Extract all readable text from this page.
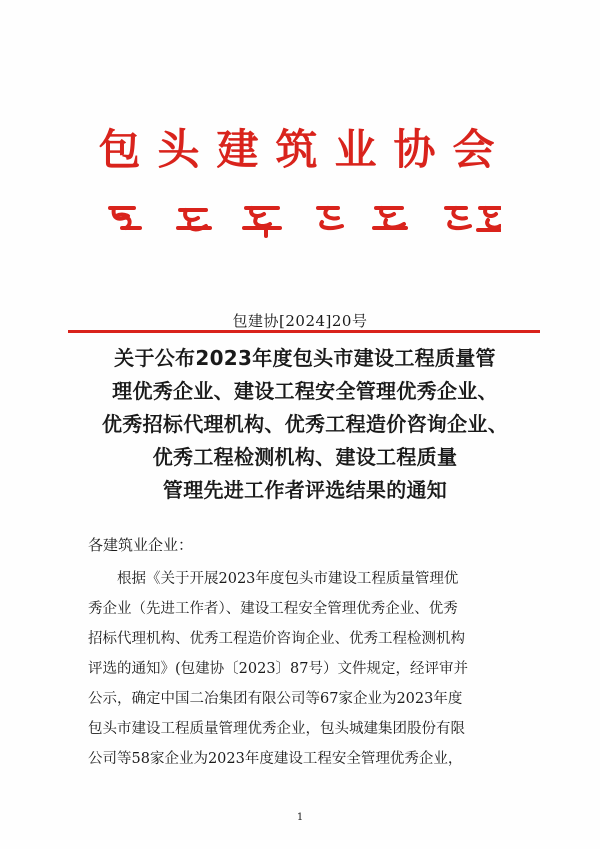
包头建筑业协会
包建协[2024]20号
关于公布2023年度包头市建设工程质量管
理优秀企业、建设工程安全管理优秀企业、
优秀招标代理机构、优秀工程造价咨询企业、
优秀工程检测机构、建设工程质量
管理先进工作者评选结果的通知
各建筑业企业：
　　根据《关于开展2023年度包头市建设工程质量管理优
秀企业（先进工作者）、建设工程安全管理优秀企业、优秀
招标代理机构、优秀工程造价咨询企业、优秀工程检测机构
评选的通知》(包建协〔2023〕87号）文件规定，经评审并
公示，确定中国二冶集团有限公司等67家企业为2023年度
包头市建设工程质量管理优秀企业，包头城建集团股份有限
公司等58家企业为2023年度建设工程安全管理优秀企业，
1
